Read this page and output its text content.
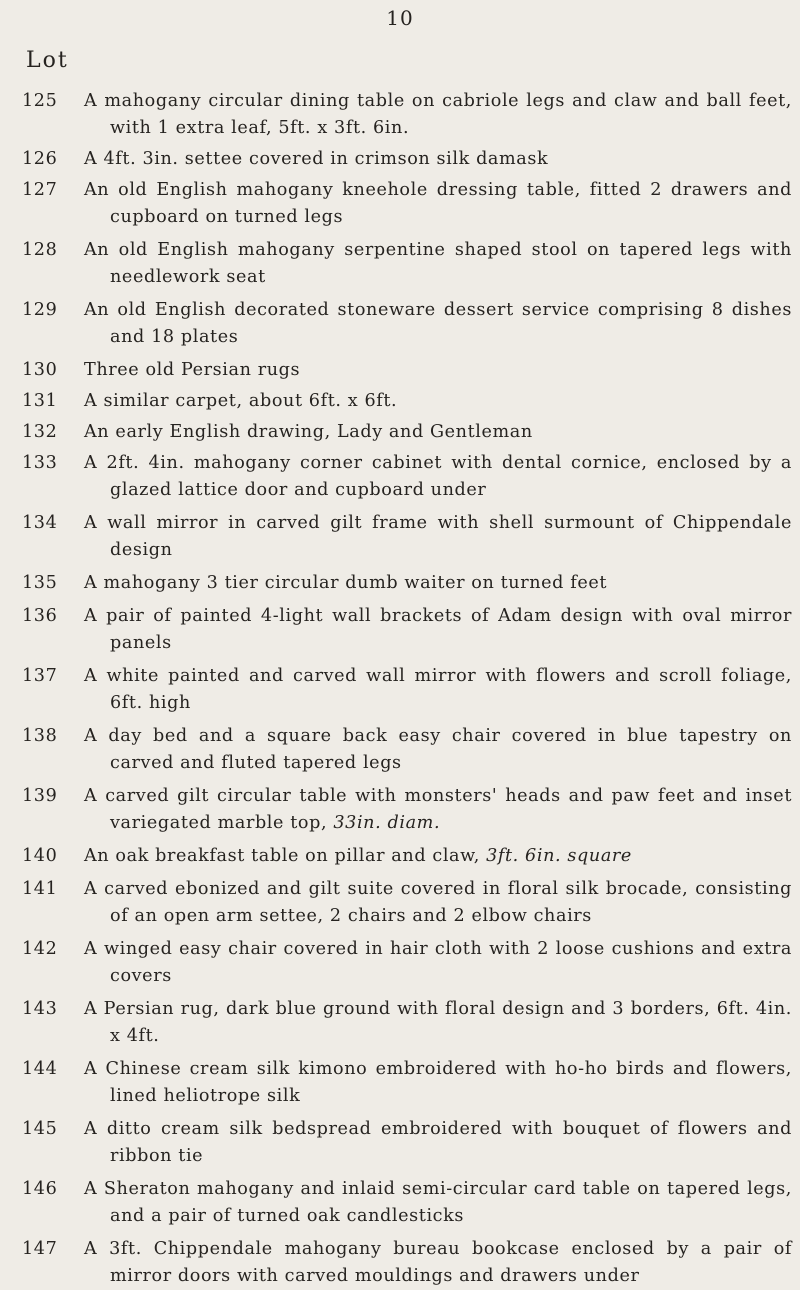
10
Lot
125	A mahogany circular dining table on cabriole legs and claw and ball feet, with 1 extra leaf, 5ft. x 3ft. 6in.
126	A 4ft. 3in. settee covered in crimson silk damask
127	An old English mahogany kneehole dressing table, fitted 2 drawers and cupboard on turned legs
128	An old English mahogany serpentine shaped stool on tapered legs with needlework seat
129	An old English decorated stoneware dessert service comprising 8 dishes and 18 plates
130	Three old Persian rugs
131	A similar carpet, about 6ft. x 6ft.
132	An early English drawing, Lady and Gentleman
133	A 2ft. 4in. mahogany corner cabinet with dental cornice, enclosed by a glazed lattice door and cupboard under
134	A wall mirror in carved gilt frame with shell surmount of Chippendale design
135	A mahogany 3 tier circular dumb waiter on turned feet
136	A pair of painted 4-light wall brackets of Adam design with oval mirror panels
137	A white painted and carved wall mirror with flowers and scroll foliage, 6ft. high
138	A day bed and a square back easy chair covered in blue tapestry on carved and fluted tapered legs
139	A carved gilt circular table with monsters' heads and paw feet and inset variegated marble top, 33in. diam.
140	An oak breakfast table on pillar and claw, 3ft. 6in. square
141	A carved ebonized and gilt suite covered in floral silk brocade, consisting of an open arm settee, 2 chairs and 2 elbow chairs
142	A winged easy chair covered in hair cloth with 2 loose cushions and extra covers
143	A Persian rug, dark blue ground with floral design and 3 borders, 6ft. 4in. x 4ft.
144	A Chinese cream silk kimono embroidered with ho-ho birds and flowers, lined heliotrope silk
145	A ditto cream silk bedspread embroidered with bouquet of flowers and ribbon tie
146	A Sheraton mahogany and inlaid semi-circular card table on tapered legs, and a pair of turned oak candlesticks
147	A 3ft. Chippendale mahogany bureau bookcase enclosed by a pair of mirror doors with carved mouldings and drawers under
